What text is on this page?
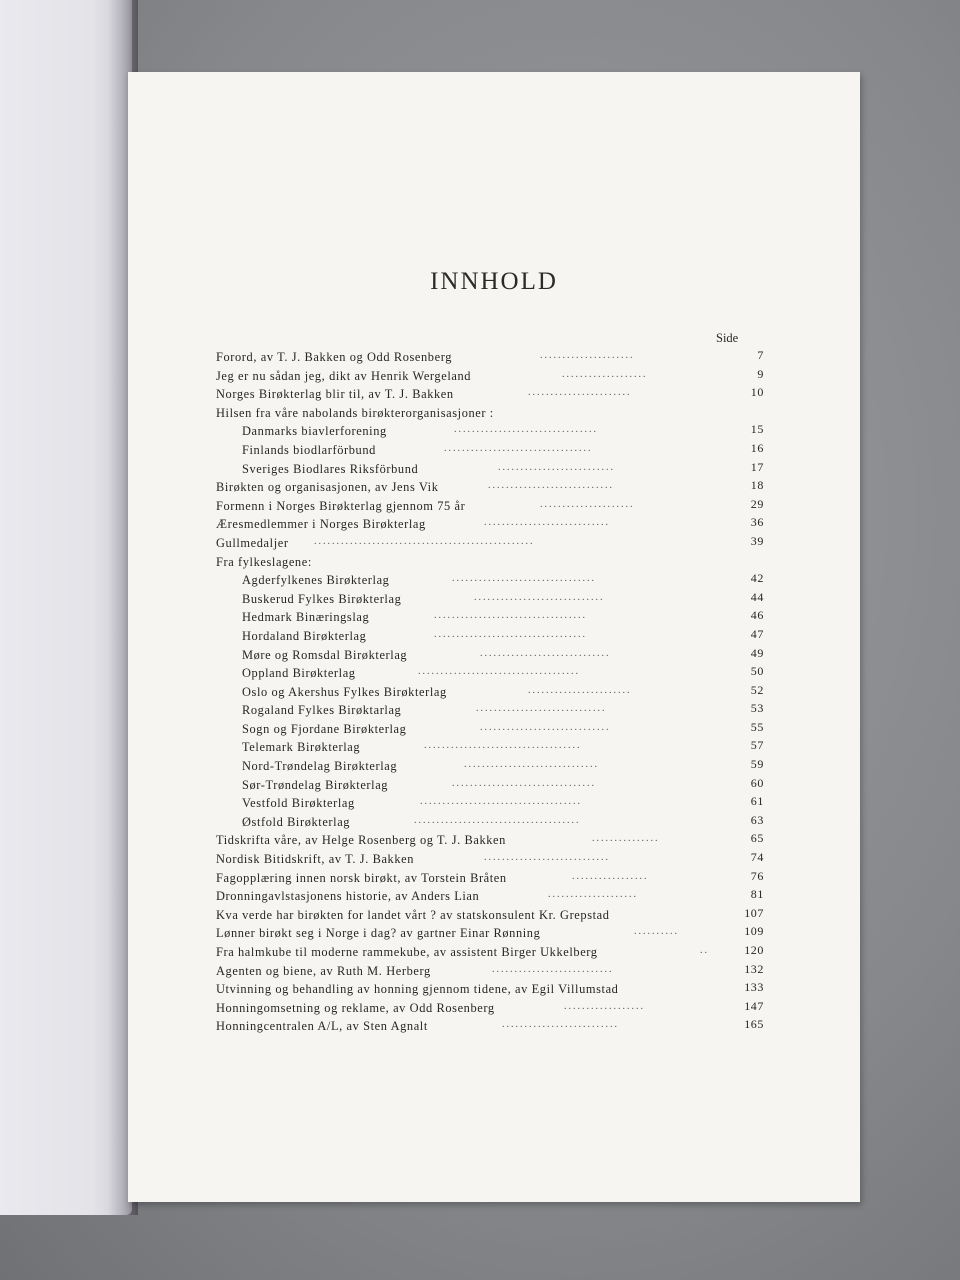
INNHOLD
Side
Forord, av T. J. Bakken og Odd Rosenberg	.....................	7
Jeg er nu sådan jeg, dikt av Henrik Wergeland	...................	9
Norges Birøkterlag blir til, av T. J. Bakken	.......................	10
Hilsen fra våre nabolands birøkterorganisasjoner :
Danmarks biavlerforening	................................	15
Finlands biodlarförbund	.................................	16
Sveriges Biodlares Riksförbund	..........................	17
Birøkten og organisasjonen, av Jens Vik	............................	18
Formenn i Norges Birøkterlag gjennom 75 år	.....................	29
Æresmedlemmer i Norges Birøkterlag	............................	36
Gullmedaljer	.................................................	39
Fra fylkeslagene:
Agderfylkenes Birøkterlag	................................	42
Buskerud Fylkes Birøkterlag	.............................	44
Hedmark Binæringslag	..................................	46
Hordaland Birøkterlag	..................................	47
Møre og Romsdal Birøkterlag	.............................	49
Oppland Birøkterlag	....................................	50
Oslo og Akershus Fylkes Birøkterlag	.......................	52
Rogaland Fylkes Birøktarlag	.............................	53
Sogn og Fjordane Birøkterlag	.............................	55
Telemark Birøkterlag	...................................	57
Nord-Trøndelag Birøkterlag	..............................	59
Sør-Trøndelag Birøkterlag	................................	60
Vestfold Birøkterlag	....................................	61
Østfold Birøkterlag	.....................................	63
Tidskrifta våre, av Helge Rosenberg og T. J. Bakken	...............	65
Nordisk Bitidskrift, av T. J. Bakken	............................	74
Fagopplæring innen norsk birøkt, av Torstein Bråten	.................	76
Dronningavlstasjonens historie, av Anders Lian	....................	81
Kva verde har birøkten for landet vårt ? av statskonsulent Kr. Grepstad	107
Lønner birøkt seg i Norge i dag? av gartner Einar Rønning	..........	109
Fra halmkube til moderne rammekube, av assistent Birger Ukkelberg	..	120
Agenten og biene, av Ruth M. Herberg	...........................	132
Utvinning og behandling av honning gjennom tidene, av Egil Villumstad	133
Honningomsetning og reklame, av Odd Rosenberg	..................	147
Honningcentralen A/L, av Sten Agnalt	..........................	165
